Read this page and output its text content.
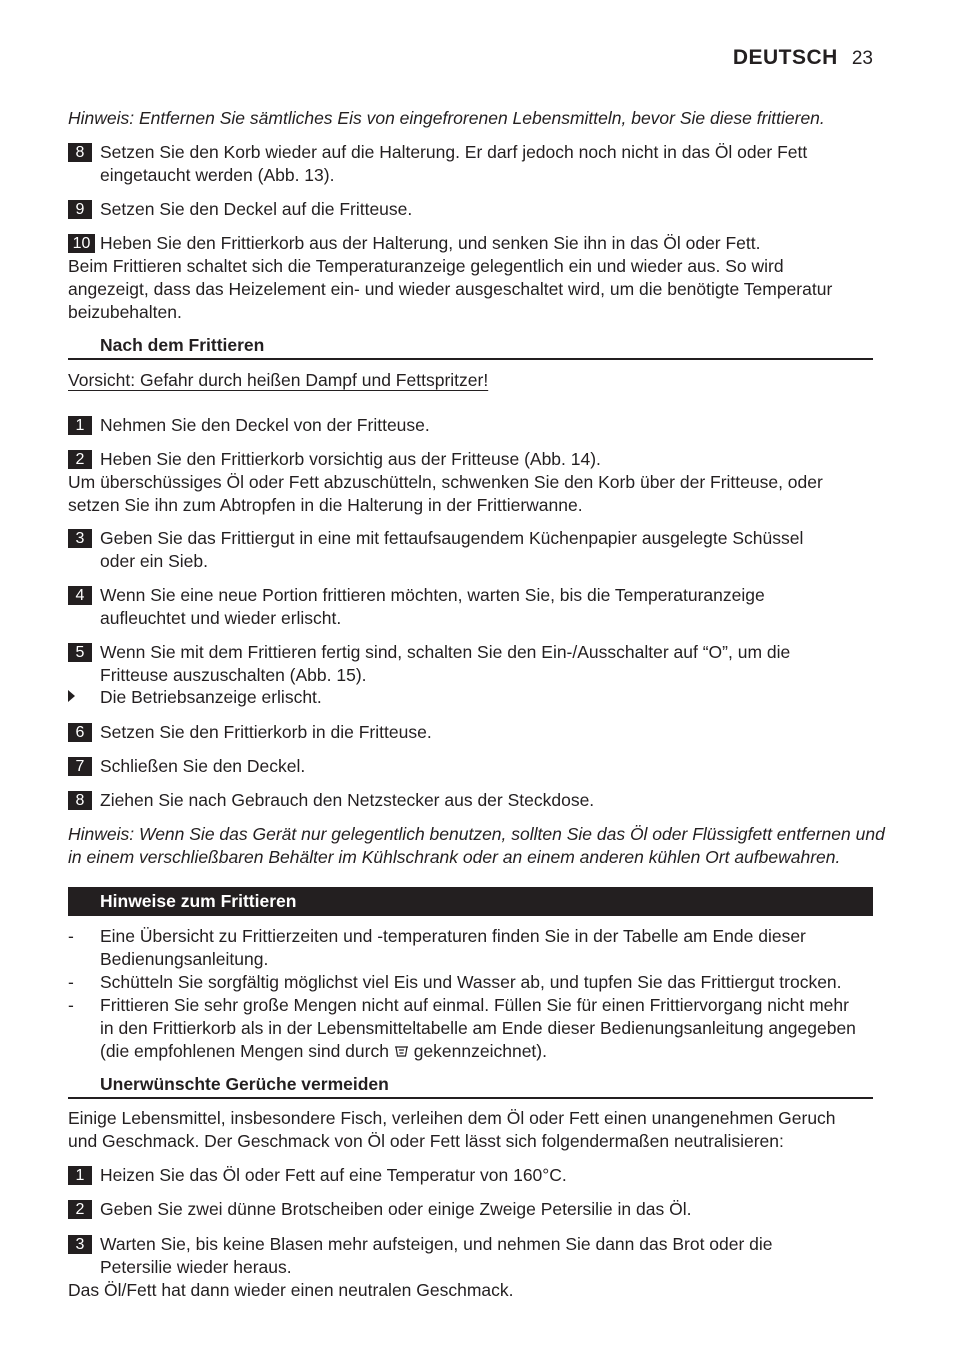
DEUTSCH 23
Hinweis: Entfernen Sie sämtliches Eis von eingefrorenen Lebensmitteln, bevor Sie diese frittieren.
8 Setzen Sie den Korb wieder auf die Halterung. Er darf jedoch noch nicht in das Öl oder Fett
eingetaucht werden (Abb. 13).
9 Setzen Sie den Deckel auf die Fritteuse.
10 Heben Sie den Frittierkorb aus der Halterung, und senken Sie ihn in das Öl oder Fett.
Beim Frittieren schaltet sich die Temperaturanzeige gelegentlich ein und wieder aus. So wird
angezeigt, dass das Heizelement ein- und wieder ausgeschaltet wird, um die benötigte Temperatur
beizubehalten.
Nach dem Frittieren
Vorsicht: Gefahr durch heißen Dampf und Fettspritzer!
1 Nehmen Sie den Deckel von der Fritteuse.
2 Heben Sie den Frittierkorb vorsichtig aus der Fritteuse (Abb. 14).
Um überschüssiges Öl oder Fett abzuschütteln, schwenken Sie den Korb über der Fritteuse, oder
setzen Sie ihn zum Abtropfen in die Halterung in der Frittierwanne.
3 Geben Sie das Frittiergut in eine mit fettaufsaugendem Küchenpapier ausgelegte Schüssel
oder ein Sieb.
4 Wenn Sie eine neue Portion frittieren möchten, warten Sie, bis die Temperaturanzeige
aufleuchtet und wieder erlischt.
5 Wenn Sie mit dem Frittieren fertig sind, schalten Sie den Ein-/Ausschalter auf “O”, um die
Fritteuse auszuschalten (Abb. 15).
Die Betriebsanzeige erlischt.
6 Setzen Sie den Frittierkorb in die Fritteuse.
7 Schließen Sie den Deckel.
8 Ziehen Sie nach Gebrauch den Netzstecker aus der Steckdose.
Hinweis: Wenn Sie das Gerät nur gelegentlich benutzen, sollten Sie das Öl oder Flüssigfett entfernen und
in einem verschließbaren Behälter im Kühlschrank oder an einem anderen kühlen Ort aufbewahren.
Hinweise zum Frittieren
- Eine Übersicht zu Frittierzeiten und -temperaturen finden Sie in der Tabelle am Ende dieser
Bedienungsanleitung.
- Schütteln Sie sorgfältig möglichst viel Eis und Wasser ab, und tupfen Sie das Frittiergut trocken.
- Frittieren Sie sehr große Mengen nicht auf einmal. Füllen Sie für einen Frittiervorgang nicht mehr
in den Frittierkorb als in der Lebensmitteltabelle am Ende dieser Bedienungsanleitung angegeben
(die empfohlenen Mengen sind durch gekennzeichnet).
Unerwünschte Gerüche vermeiden
Einige Lebensmittel, insbesondere Fisch, verleihen dem Öl oder Fett einen unangenehmen Geruch
und Geschmack. Der Geschmack von Öl oder Fett lässt sich folgendermaßen neutralisieren:
1 Heizen Sie das Öl oder Fett auf eine Temperatur von 160°C.
2 Geben Sie zwei dünne Brotscheiben oder einige Zweige Petersilie in das Öl.
3 Warten Sie, bis keine Blasen mehr aufsteigen, und nehmen Sie dann das Brot oder die
Petersilie wieder heraus.
Das Öl/Fett hat dann wieder einen neutralen Geschmack.
